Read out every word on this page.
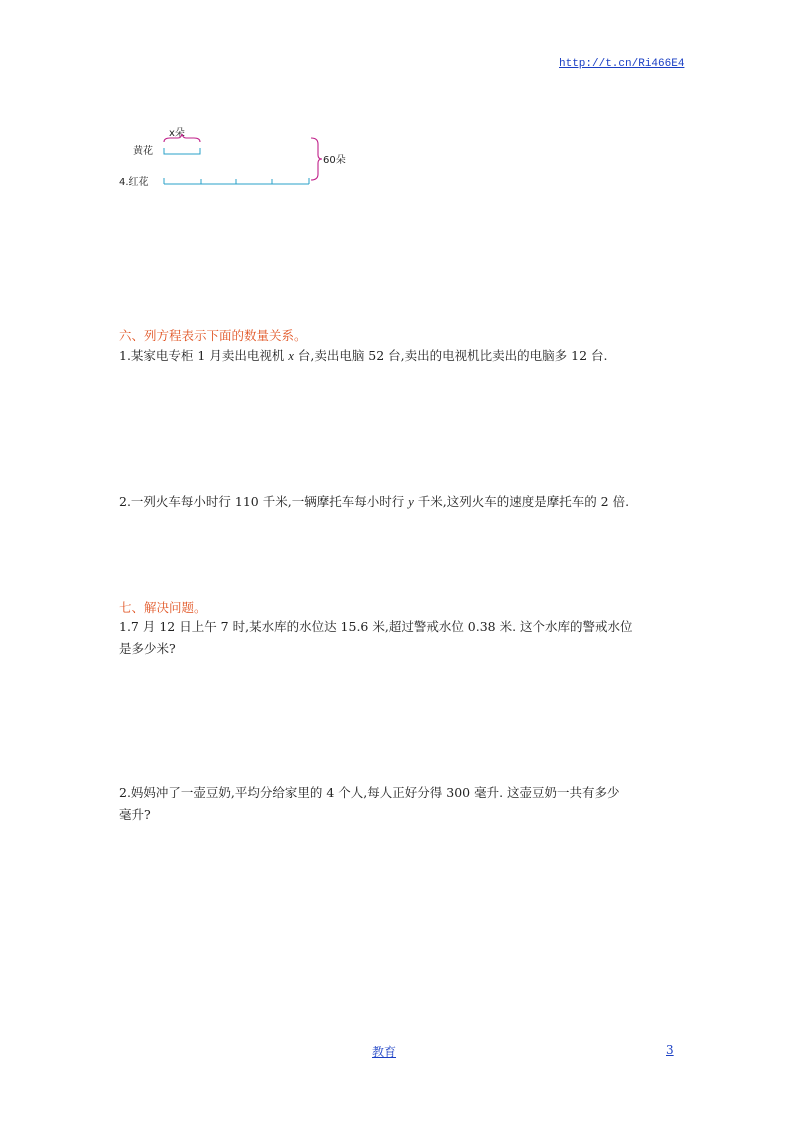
http://t.cn/Ri466E4
x朵
黄花
4.红花
60朵
六、列方程表示下面的数量关系。
1.某家电专柜 1 月卖出电视机 x 台,卖出电脑 52 台,卖出的电视机比卖出的电脑多 12 台.
2.一列火车每小时行 110 千米,一辆摩托车每小时行 y 千米,这列火车的速度是摩托车的 2 倍.
七、解决问题。
1.7 月 12 日上午 7 时,某水库的水位达 15.6 米,超过警戒水位 0.38 米. 这个水库的警戒水位
是多少米?
2.妈妈冲了一壶豆奶,平均分给家里的 4 个人,每人正好分得 300 毫升. 这壶豆奶一共有多少
毫升?
教育	3
